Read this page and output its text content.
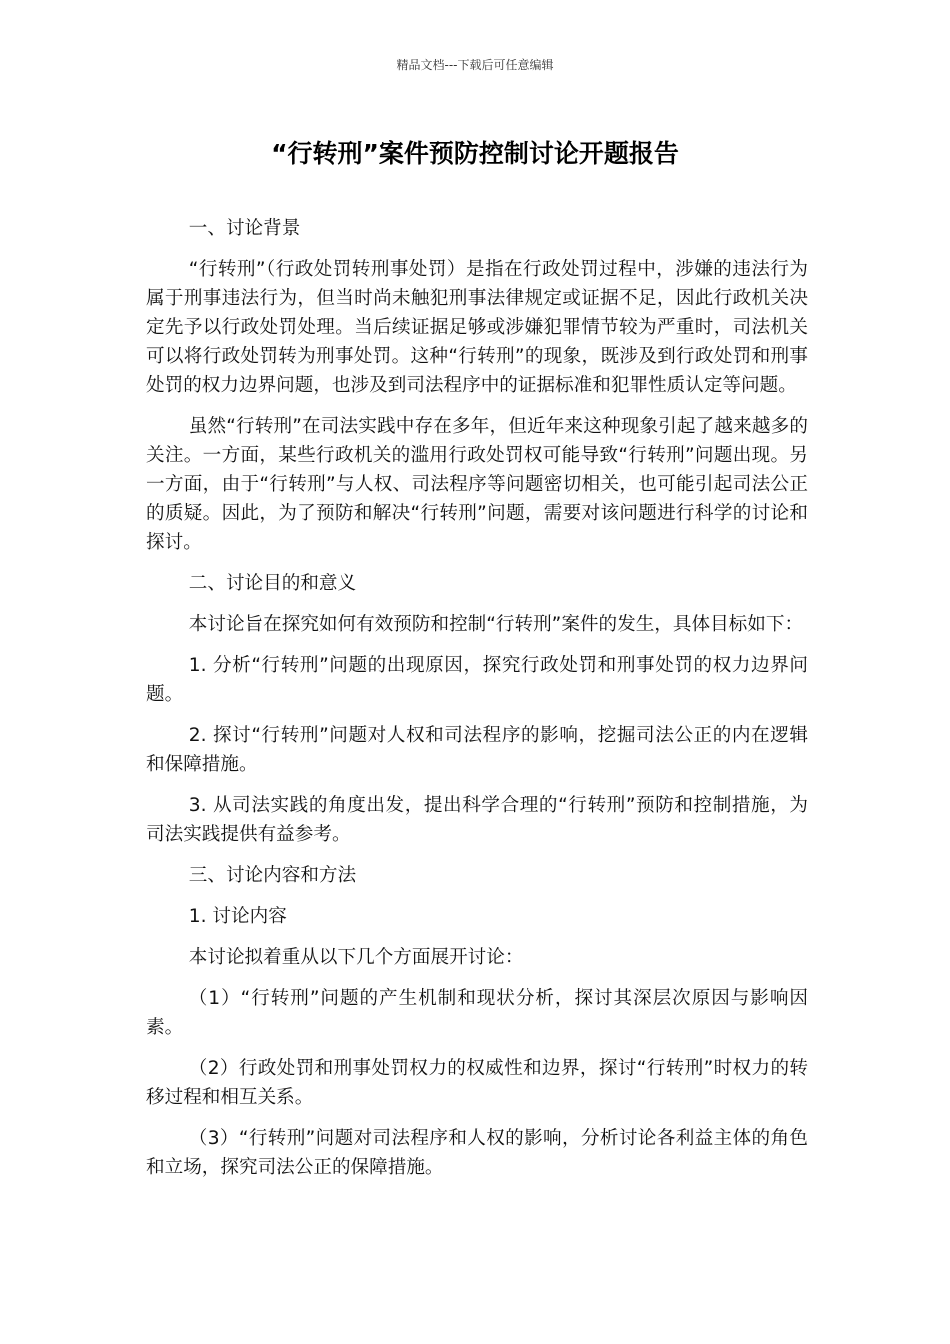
精品文档---下载后可任意编辑
“行转刑”案件预防控制讨论开题报告

一、讨论背景

“行转刑”（行政处罚转刑事处罚）是指在行政处罚过程中，涉嫌的违法行为属于刑事违法行为，但当时尚未触犯刑事法律规定或证据不足，因此行政机关决定先予以行政处罚处理。当后续证据足够或涉嫌犯罪情节较为严重时，司法机关可以将行政处罚转为刑事处罚。这种“行转刑”的现象，既涉及到行政处罚和刑事处罚的权力边界问题，也涉及到司法程序中的证据标准和犯罪性质认定等问题。

虽然“行转刑”在司法实践中存在多年，但近年来这种现象引起了越来越多的关注。一方面，某些行政机关的滥用行政处罚权可能导致“行转刑”问题出现。另一方面，由于“行转刑”与人权、司法程序等问题密切相关，也可能引起司法公正的质疑。因此，为了预防和解决“行转刑”问题，需要对该问题进行科学的讨论和探讨。

二、讨论目的和意义

本讨论旨在探究如何有效预防和控制“行转刑”案件的发生，具体目标如下：

1. 分析“行转刑”问题的出现原因，探究行政处罚和刑事处罚的权力边界问题。

2. 探讨“行转刑”问题对人权和司法程序的影响，挖掘司法公正的内在逻辑和保障措施。

3. 从司法实践的角度出发，提出科学合理的“行转刑”预防和控制措施，为司法实践提供有益参考。

三、讨论内容和方法

1. 讨论内容

本讨论拟着重从以下几个方面展开讨论：

（1）“行转刑”问题的产生机制和现状分析，探讨其深层次原因与影响因素。

（2）行政处罚和刑事处罚权力的权威性和边界，探讨“行转刑”时权力的转移过程和相互关系。

（3）“行转刑”问题对司法程序和人权的影响，分析讨论各利益主体的角色和立场，探究司法公正的保障措施。
